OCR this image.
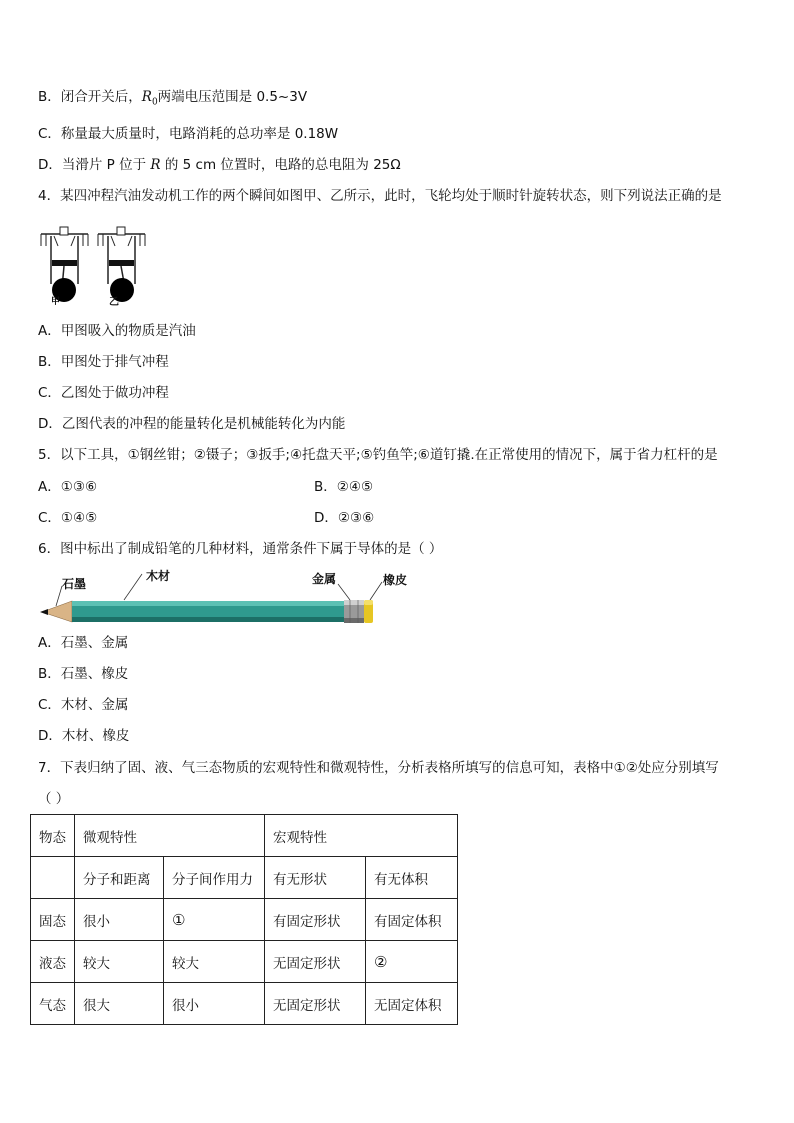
B．闭合开关后，$R_0$两端电压范围是 0.5~3V
C．称量最大质量时，电路消耗的总功率是 0.18W
D．当滑片 P 位于 R 的 5 cm 位置时，电路的总电阻为 25Ω
4．某四冲程汽油发动机工作的两个瞬间如图甲、乙所示，此时，飞轮均处于顺时针旋转状态，则下列说法正确的是
甲	乙
A．甲图吸入的物质是汽油
B．甲图处于排气冲程
C．乙图处于做功冲程
D．乙图代表的冲程的能量转化是机械能转化为内能
5．以下工具，①钢丝钳；②镊子；③扳手;④托盘天平;⑤钓鱼竿;⑥道钉撬.在正常使用的情况下，属于省力杠杆的是
A．①③⑥	B．②④⑤
C．①④⑤	D．②③⑥
6．图中标出了制成铅笔的几种材料，通常条件下属于导体的是（ ）
石墨
木材	金属	橡皮
A．石墨、金属
B．石墨、橡皮
C．木材、金属
D．木材、橡皮
7．下表归纳了固、液、气三态物质的宏观特性和微观特性，分析表格所填写的信息可知，表格中①②处应分别填写
（ ）
物态	微观特性		宏观特性	
	分子和距离	分子间作用力	有无形状	有无体积
固态	很小	①	有固定形状	有固定体积
液态	较大	较大	无固定形状	②
气态	很大	很小	无固定形状	无固定体积
